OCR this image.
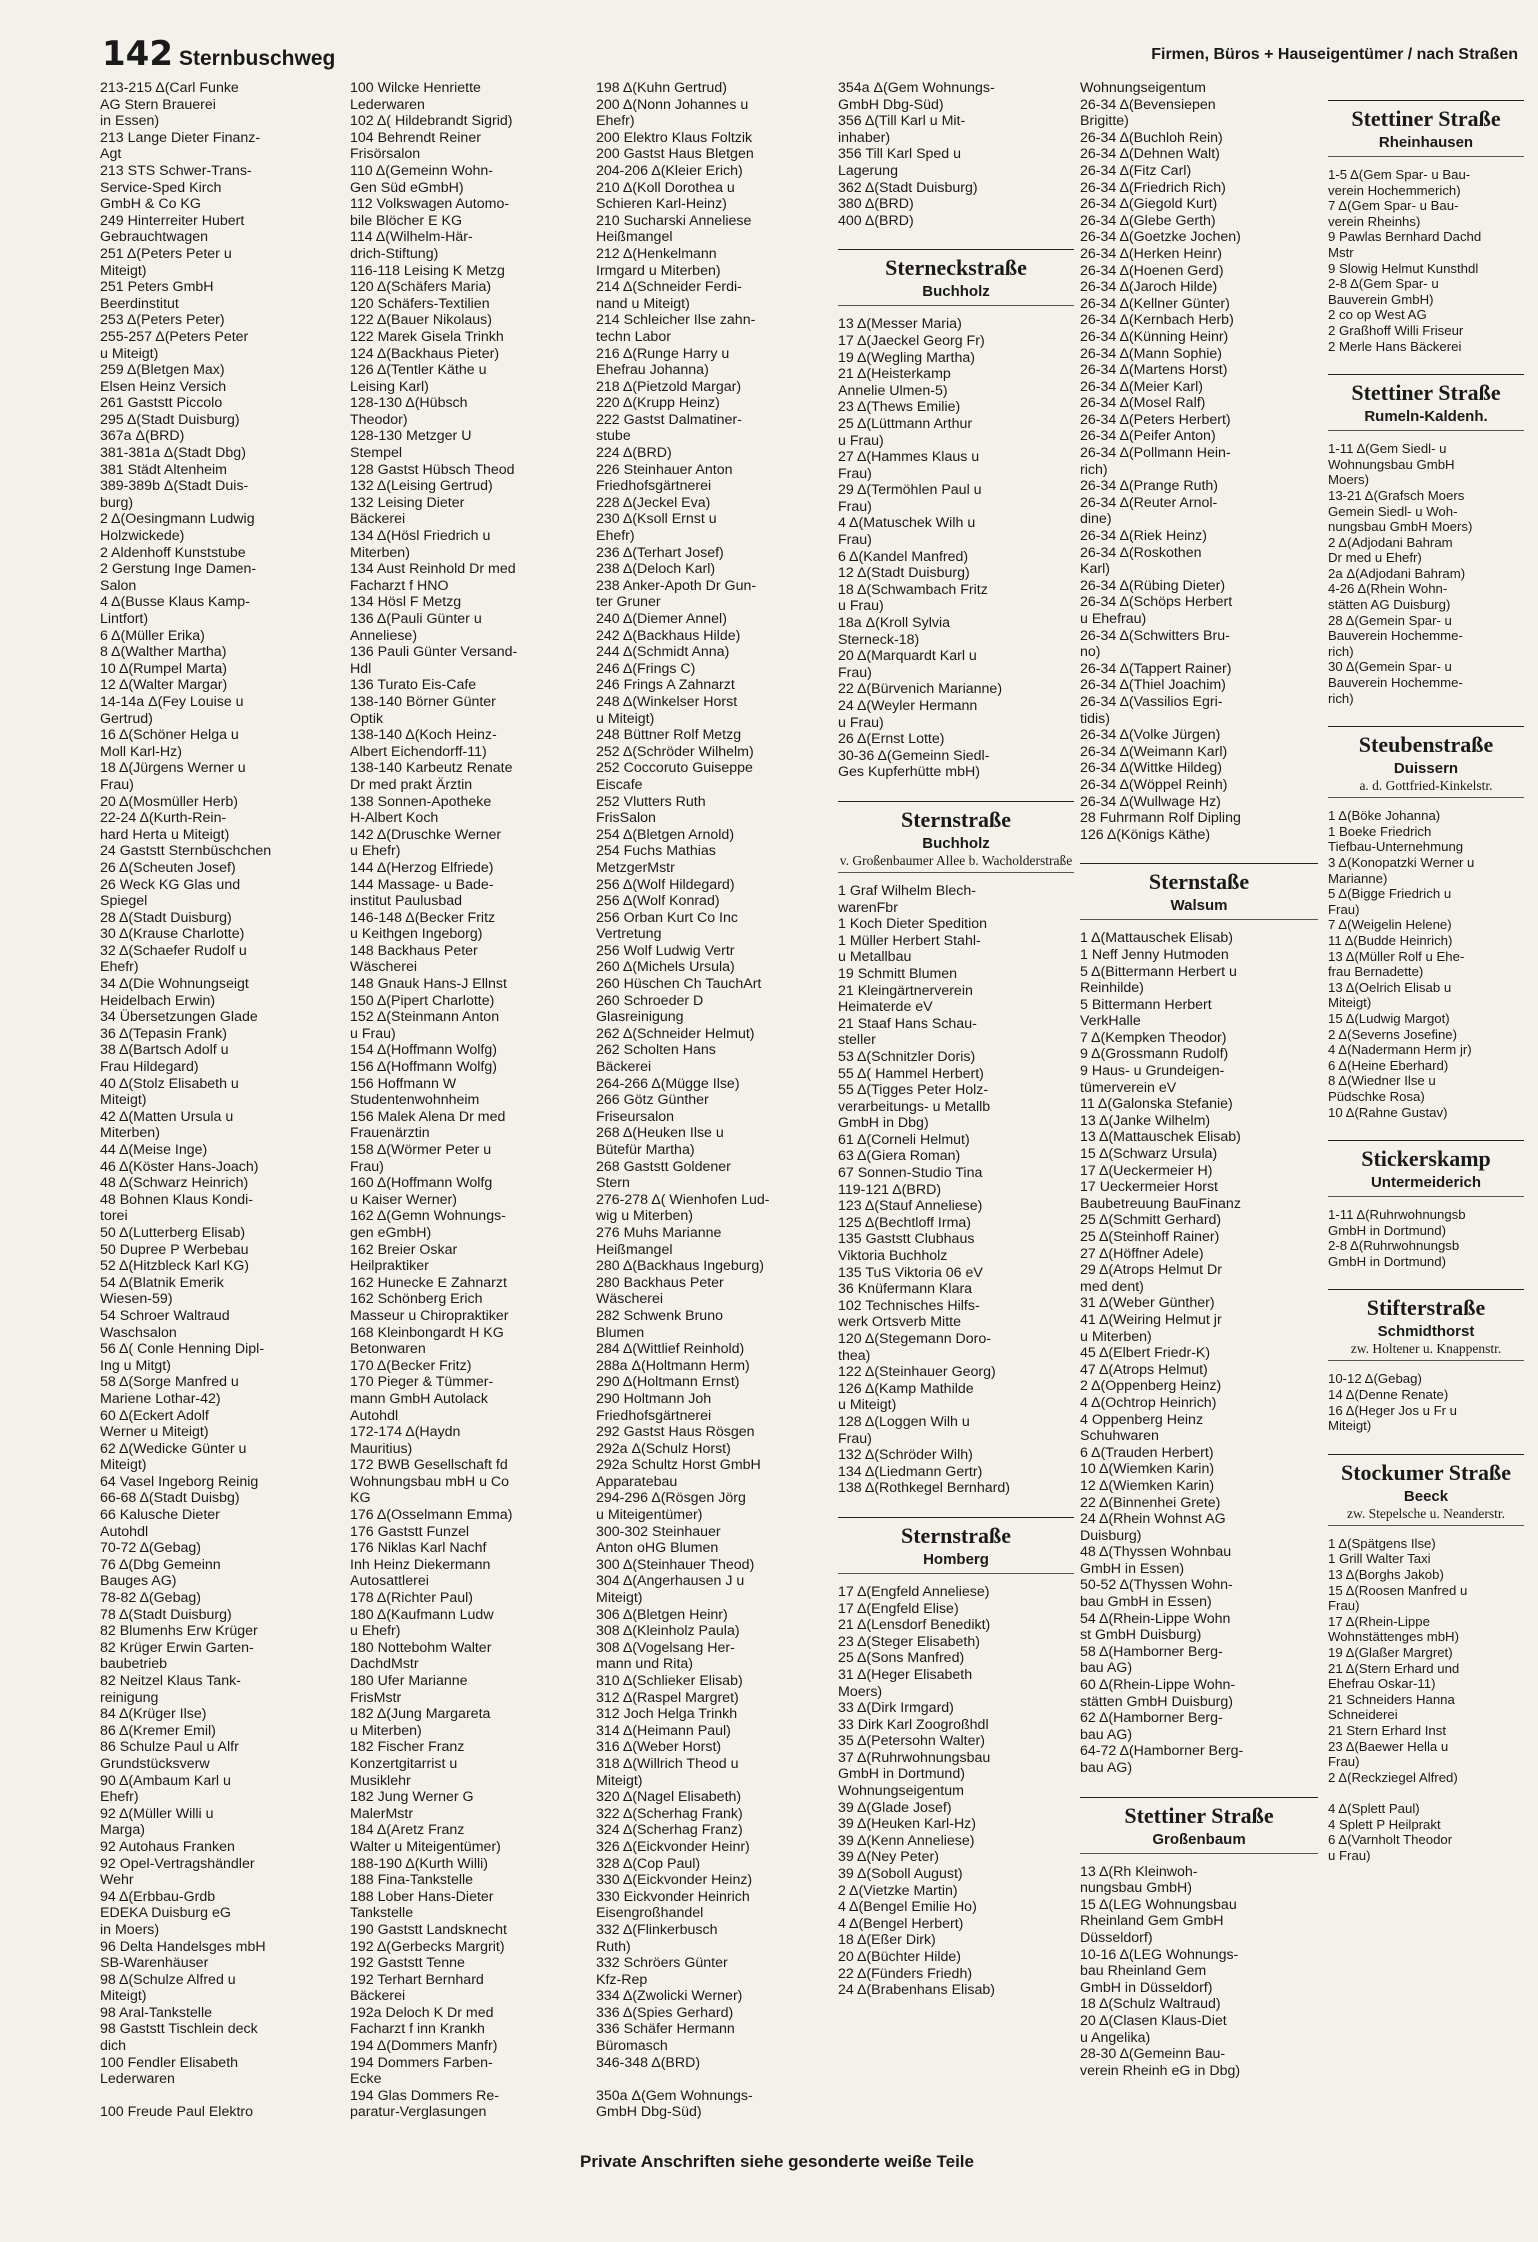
142 Sternbuschweg	Firmen, Büros + Hauseigentümer / nach Straßen
213-215 Δ(Carl Funke
AG Stern Brauerei
in Essen)
213 Lange Dieter Finanz-
Agt
213 STS Schwer-Trans-
Service-Sped Kirch
GmbH & Co KG
249 Hinterreiter Hubert
Gebrauchtwagen
251 Δ(Peters Peter u
Miteigt)
251 Peters GmbH
Beerdinstitut
253 Δ(Peters Peter)
255-257 Δ(Peters Peter
u Miteigt)
259 Δ(Bletgen Max)
Elsen Heinz Versich
261 Gaststt Piccolo
295 Δ(Stadt Duisburg)
367a Δ(BRD)
381-381a Δ(Stadt Dbg)
381 Städt Altenheim
389-389b Δ(Stadt Duis-
burg)
2 Δ(Oesingmann Ludwig
Holzwickede)
2 Aldenhoff Kunststube
2 Gerstung Inge Damen-
Salon
4 Δ(Busse Klaus Kamp-
Lintfort)
6 Δ(Müller Erika)
8 Δ(Walther Martha)
10 Δ(Rumpel Marta)
12 Δ(Walter Margar)
14-14a Δ(Fey Louise u
Gertrud)
16 Δ(Schöner Helga u
Moll Karl-Hz)
18 Δ(Jürgens Werner u
Frau)
20 Δ(Mosmüller Herb)
22-24 Δ(Kurth-Rein-
hard Herta u Miteigt)
24 Gaststt Sternbüschchen
26 Δ(Scheuten Josef)
26 Weck KG Glas und
Spiegel
28 Δ(Stadt Duisburg)
30 Δ(Krause Charlotte)
32 Δ(Schaefer Rudolf u
Ehefr)
34 Δ(Die Wohnungseigt
Heidelbach Erwin)
34 Übersetzungen Glade
36 Δ(Tepasin Frank)
38 Δ(Bartsch Adolf u
Frau Hildegard)
40 Δ(Stolz Elisabeth u
Miteigt)
42 Δ(Matten Ursula u
Miterben)
44 Δ(Meise Inge)
46 Δ(Köster Hans-Joach)
48 Δ(Schwarz Heinrich)
48 Bohnen Klaus Kondi-
torei
50 Δ(Lutterberg Elisab)
50 Dupree P Werbebau
52 Δ(Hitzbleck Karl KG)
54 Δ(Blatnik Emerik
Wiesen-59)
54 Schroer Waltraud
Waschsalon
56 Δ( Conle Henning Dipl-
Ing u Mitgt)
58 Δ(Sorge Manfred u
Mariene Lothar-42)
60 Δ(Eckert Adolf
Werner u Miteigt)
62 Δ(Wedicke Günter u
Miteigt)
64 Vasel Ingeborg Reinig
66-68 Δ(Stadt Duisbg)
66 Kalusche Dieter
Autohdl
70-72 Δ(Gebag)
76 Δ(Dbg Gemeinn
Bauges AG)
78-82 Δ(Gebag)
78 Δ(Stadt Duisburg)
82 Blumenhs Erw Krüger
82 Krüger Erwin Garten-
baubetrieb
82 Neitzel Klaus Tank-
reinigung
84 Δ(Krüger Ilse)
86 Δ(Kremer Emil)
86 Schulze Paul u Alfr
Grundstücksverw
90 Δ(Ambaum Karl u
Ehefr)
92 Δ(Müller Willi u
Marga)
92 Autohaus Franken
92 Opel-Vertragshändler
Wehr
94 Δ(Erbbau-Grdb
EDEKA Duisburg eG
in Moers)
96 Delta Handelsges mbH
SB-Warenhäuser
98 Δ(Schulze Alfred u
Miteigt)
98 Aral-Tankstelle
98 Gaststt Tischlein deck
dich
100 Fendler Elisabeth
Lederwaren

100 Freude Paul Elektro
100 Wilcke Henriette
Lederwaren
102 Δ( Hildebrandt Sigrid)
104 Behrendt Reiner
Frisörsalon
110 Δ(Gemeinn Wohn-
Gen Süd eGmbH)
112 Volkswagen Automo-
bile Blöcher E KG
114 Δ(Wilhelm-Här-
drich-Stiftung)
116-118 Leising K Metzg
120 Δ(Schäfers Maria)
120 Schäfers-Textilien
122 Δ(Bauer Nikolaus)
122 Marek Gisela Trinkh
124 Δ(Backhaus Pieter)
126 Δ(Tentler Käthe u
Leising Karl)
128-130 Δ(Hübsch
Theodor)
128-130 Metzger U
Stempel
128 Gastst Hübsch Theod
132 Δ(Leising Gertrud)
132 Leising Dieter
Bäckerei
134 Δ(Hösl Friedrich u
Miterben)
134 Aust Reinhold Dr med
Facharzt f HNO
134 Hösl F Metzg
136 Δ(Pauli Günter u
Anneliese)
136 Pauli Günter Versand-
Hdl
136 Turato Eis-Cafe
138-140 Börner Günter
Optik
138-140 Δ(Koch Heinz-
Albert Eichendorff-11)
138-140 Karbeutz Renate
Dr med prakt Ärztin
138 Sonnen-Apotheke
H-Albert Koch
142 Δ(Druschke Werner
u Ehefr)
144 Δ(Herzog Elfriede)
144 Massage- u Bade-
institut Paulusbad
146-148 Δ(Becker Fritz
u Keithgen Ingeborg)
148 Backhaus Peter
Wäscherei
148 Gnauk Hans-J Ellnst
150 Δ(Pipert Charlotte)
152 Δ(Steinmann Anton
u Frau)
154 Δ(Hoffmann Wolfg)
156 Δ(Hoffmann Wolfg)
156 Hoffmann W
Studentenwohnheim
156 Malek Alena Dr med
Frauenärztin
158 Δ(Wörmer Peter u
Frau)
160 Δ(Hoffmann Wolfg
u Kaiser Werner)
162 Δ(Gemn Wohnungs-
gen eGmbH)
162 Breier Oskar
Heilpraktiker
162 Hunecke E Zahnarzt
162 Schönberg Erich
Masseur u Chiropraktiker
168 Kleinbongardt H KG
Betonwaren
170 Δ(Becker Fritz)
170 Pieger & Tümmer-
mann GmbH Autolack
Autohdl
172-174 Δ(Haydn
Mauritius)
172 BWB Gesellschaft fd
Wohnungsbau mbH u Co
KG
176 Δ(Osselmann Emma)
176 Gaststt Funzel
176 Niklas Karl Nachf
Inh Heinz Diekermann
Autosattlerei
178 Δ(Richter Paul)
180 Δ(Kaufmann Ludw
u Ehefr)
180 Nottebohm Walter
DachdMstr
180 Ufer Marianne
FrisMstr
182 Δ(Jung Margareta
u Miterben)
182 Fischer Franz
Konzertgitarrist u
Musiklehr
182 Jung Werner G
MalerMstr
184 Δ(Aretz Franz
Walter u Miteigentümer)
188-190 Δ(Kurth Willi)
188 Fina-Tankstelle
188 Lober Hans-Dieter
Tankstelle
190 Gaststt Landsknecht
192 Δ(Gerbecks Margrit)
192 Gaststt Tenne
192 Terhart Bernhard
Bäckerei
192a Deloch K Dr med
Facharzt f inn Krankh
194 Δ(Dommers Manfr)
194 Dommers Farben-
Ecke
194 Glas Dommers Re-
paratur-Verglasungen
198 Δ(Kuhn Gertrud)
200 Δ(Nonn Johannes u
Ehefr)
200 Elektro Klaus Foltzik
200 Gastst Haus Bletgen
204-206 Δ(Kleier Erich)
210 Δ(Koll Dorothea u
Schieren Karl-Heinz)
210 Sucharski Anneliese
Heißmangel
212 Δ(Henkelmann
Irmgard u Miterben)
214 Δ(Schneider Ferdi-
nand u Miteigt)
214 Schleicher Ilse zahn-
techn Labor
216 Δ(Runge Harry u
Ehefrau Johanna)
218 Δ(Pietzold Margar)
220 Δ(Krupp Heinz)
222 Gastst Dalmatiner-
stube
224 Δ(BRD)
226 Steinhauer Anton
Friedhofsgärtnerei
228 Δ(Jeckel Eva)
230 Δ(Ksoll Ernst u
Ehefr)
236 Δ(Terhart Josef)
238 Δ(Deloch Karl)
238 Anker-Apoth Dr Gun-
ter Gruner
240 Δ(Diemer Annel)
242 Δ(Backhaus Hilde)
244 Δ(Schmidt Anna)
246 Δ(Frings C)
246 Frings A Zahnarzt
248 Δ(Winkelser Horst
u Miteigt)
248 Büttner Rolf Metzg
252 Δ(Schröder Wilhelm)
252 Coccoruto Guiseppe
Eiscafe
252 Vlutters Ruth
FrisSalon
254 Δ(Bletgen Arnold)
254 Fuchs Mathias
MetzgerMstr
256 Δ(Wolf Hildegard)
256 Δ(Wolf Konrad)
256 Orban Kurt Co Inc
Vertretung
256 Wolf Ludwig Vertr
260 Δ(Michels Ursula)
260 Hüschen Ch TauchArt
260 Schroeder D
Glasreinigung
262 Δ(Schneider Helmut)
262 Scholten Hans
Bäckerei
264-266 Δ(Mügge Ilse)
266 Götz Günther
Friseursalon
268 Δ(Heuken Ilse u
Bütefür Martha)
268 Gaststt Goldener
Stern
276-278 Δ( Wienhofen Lud-
wig u Miterben)
276 Muhs Marianne
Heißmangel
280 Δ(Backhaus Ingeburg)
280 Backhaus Peter
Wäscherei
282 Schwenk Bruno
Blumen
284 Δ(Wittlief Reinhold)
288a Δ(Holtmann Herm)
290 Δ(Holtmann Ernst)
290 Holtmann Joh
Friedhofsgärtnerei
292 Gastst Haus Rösgen
292a Δ(Schulz Horst)
292a Schultz Horst GmbH
Apparatebau
294-296 Δ(Rösgen Jörg
u Miteigentümer)
300-302 Steinhauer
Anton oHG Blumen
300 Δ(Steinhauer Theod)
304 Δ(Angerhausen J u
Miteigt)
306 Δ(Bletgen Heinr)
308 Δ(Kleinholz Paula)
308 Δ(Vogelsang Her-
mann und Rita)
310 Δ(Schlieker Elisab)
312 Δ(Raspel Margret)
312 Joch Helga Trinkh
314 Δ(Heimann Paul)
316 Δ(Weber Horst)
318 Δ(Willrich Theod u
Miteigt)
320 Δ(Nagel Elisabeth)
322 Δ(Scherhag Frank)
324 Δ(Scherhag Franz)
326 Δ(Eickvonder Heinr)
328 Δ(Cop Paul)
330 Δ(Eickvonder Heinz)
330 Eickvonder Heinrich
Eisengroßhandel
332 Δ(Flinkerbusch
Ruth)
332 Schröers Günter
Kfz-Rep
334 Δ(Zwolicki Werner)
336 Δ(Spies Gerhard)
336 Schäfer Hermann
Büromasch
346-348 Δ(BRD)

350a Δ(Gem Wohnungs-
GmbH Dbg-Süd)
354a Δ(Gem Wohnungs-
GmbH Dbg-Süd)
356 Δ(Till Karl u Mit-
inhaber)
356 Till Karl Sped u
Lagerung
362 Δ(Stadt Duisburg)
380 Δ(BRD)
400 Δ(BRD)
Sterneckstraße
Buchholz
13 Δ(Messer Maria)
17 Δ(Jaeckel Georg Fr)
19 Δ(Wegling Martha)
21 Δ(Heisterkamp
Annelie Ulmen-5)
23 Δ(Thews Emilie)
25 Δ(Lüttmann Arthur
u Frau)
27 Δ(Hammes Klaus u
Frau)
29 Δ(Termöhlen Paul u
Frau)
4 Δ(Matuschek Wilh u
Frau)
6 Δ(Kandel Manfred)
12 Δ(Stadt Duisburg)
18 Δ(Schwambach Fritz
u Frau)
18a Δ(Kroll Sylvia
Sterneck-18)
20 Δ(Marquardt Karl u
Frau)
22 Δ(Bürvenich Marianne)
24 Δ(Weyler Hermann
u Frau)
26 Δ(Ernst Lotte)
30-36 Δ(Gemeinn Siedl-
Ges Kupferhütte mbH)
Sternstraße
Buchholz
v. Großenbaumer Allee b. Wacholderstraße
1 Graf Wilhelm Blech-
warenFbr
1 Koch Dieter Spedition
1 Müller Herbert Stahl-
u Metallbau
19 Schmitt Blumen
21 Kleingärtnerverein
Heimaterde eV
21 Staaf Hans Schau-
steller
53 Δ(Schnitzler Doris)
55 Δ( Hammel Herbert)
55 Δ(Tigges Peter Holz-
verarbeitungs- u Metallb
GmbH in Dbg)
61 Δ(Corneli Helmut)
63 Δ(Giera Roman)
67 Sonnen-Studio Tina
119-121 Δ(BRD)
123 Δ(Stauf Anneliese)
125 Δ(Bechtloff Irma)
135 Gaststt Clubhaus
Viktoria Buchholz
135 TuS Viktoria 06 eV
36 Knüfermann Klara
102 Technisches Hilfs-
werk Ortsverb Mitte
120 Δ(Stegemann Doro-
thea)
122 Δ(Steinhauer Georg)
126 Δ(Kamp Mathilde
u Miteigt)
128 Δ(Loggen Wilh u
Frau)
132 Δ(Schröder Wilh)
134 Δ(Liedmann Gertr)
138 Δ(Rothkegel Bernhard)
Sternstraße
Homberg
17 Δ(Engfeld Anneliese)
17 Δ(Engfeld Elise)
21 Δ(Lensdorf Benedikt)
23 Δ(Steger Elisabeth)
25 Δ(Sons Manfred)
31 Δ(Heger Elisabeth
Moers)
33 Δ(Dirk Irmgard)
33 Dirk Karl Zoogroßhdl
35 Δ(Petersohn Walter)
37 Δ(Ruhrwohnungsbau
GmbH in Dortmund)
Wohnungseigentum
39 Δ(Glade Josef)
39 Δ(Heuken Karl-Hz)
39 Δ(Kenn Anneliese)
39 Δ(Ney Peter)
39 Δ(Soboll August)
2 Δ(Vietzke Martin)
4 Δ(Bengel Emilie Ho)
4 Δ(Bengel Herbert)
18 Δ(Eßer Dirk)
20 Δ(Büchter Hilde)
22 Δ(Fünders Friedh)
24 Δ(Brabenhans Elisab)
Wohnungseigentum
26-34 Δ(Bevensiepen
Brigitte)
26-34 Δ(Buchloh Rein)
26-34 Δ(Dehnen Walt)
26-34 Δ(Fitz Carl)
26-34 Δ(Friedrich Rich)
26-34 Δ(Giegold Kurt)
26-34 Δ(Glebe Gerth)
26-34 Δ(Goetzke Jochen)
26-34 Δ(Herken Heinr)
26-34 Δ(Hoenen Gerd)
26-34 Δ(Jaroch Hilde)
26-34 Δ(Kellner Günter)
26-34 Δ(Kernbach Herb)
26-34 Δ(Künning Heinr)
26-34 Δ(Mann Sophie)
26-34 Δ(Martens Horst)
26-34 Δ(Meier Karl)
26-34 Δ(Mosel Ralf)
26-34 Δ(Peters Herbert)
26-34 Δ(Peifer Anton)
26-34 Δ(Pollmann Hein-
rich)
26-34 Δ(Prange Ruth)
26-34 Δ(Reuter Arnol-
dine)
26-34 Δ(Riek Heinz)
26-34 Δ(Roskothen
Karl)
26-34 Δ(Rübing Dieter)
26-34 Δ(Schöps Herbert
u Ehefrau)
26-34 Δ(Schwitters Bru-
no)
26-34 Δ(Tappert Rainer)
26-34 Δ(Thiel Joachim)
26-34 Δ(Vassilios Egri-
tidis)
26-34 Δ(Volke Jürgen)
26-34 Δ(Weimann Karl)
26-34 Δ(Wittke Hildeg)
26-34 Δ(Wöppel Reinh)
26-34 Δ(Wullwage Hz)
28 Fuhrmann Rolf Dipling
126 Δ(Königs Käthe)
Sternstaße
Walsum
1 Δ(Mattauschek Elisab)
1 Neff Jenny Hutmoden
5 Δ(Bittermann Herbert u
Reinhilde)
5 Bittermann Herbert
VerkHalle
7 Δ(Kempken Theodor)
9 Δ(Grossmann Rudolf)
9 Haus- u Grundeigen-
tümerverein eV
11 Δ(Galonska Stefanie)
13 Δ(Janke Wilhelm)
13 Δ(Mattauschek Elisab)
15 Δ(Schwarz Ursula)
17 Δ(Ueckermeier H)
17 Ueckermeier Horst
Baubetreuung BauFinanz
25 Δ(Schmitt Gerhard)
25 Δ(Steinhoff Rainer)
27 Δ(Höffner Adele)
29 Δ(Atrops Helmut Dr
med dent)
31 Δ(Weber Günther)
41 Δ(Weiring Helmut jr
u Miterben)
45 Δ(Elbert Friedr-K)
47 Δ(Atrops Helmut)
2 Δ(Oppenberg Heinz)
4 Δ(Ochtrop Heinrich)
4 Oppenberg Heinz
Schuhwaren
6 Δ(Trauden Herbert)
10 Δ(Wiemken Karin)
12 Δ(Wiemken Karin)
22 Δ(Binnenhei Grete)
24 Δ(Rhein Wohnst AG
Duisburg)
48 Δ(Thyssen Wohnbau
GmbH in Essen)
50-52 Δ(Thyssen Wohn-
bau GmbH in Essen)
54 Δ(Rhein-Lippe Wohn
st GmbH Duisburg)
58 Δ(Hamborner Berg-
bau AG)
60 Δ(Rhein-Lippe Wohn-
stätten GmbH Duisburg)
62 Δ(Hamborner Berg-
bau AG)
64-72 Δ(Hamborner Berg-
bau AG)
Stettiner Straße
Großenbaum
13 Δ(Rh Kleinwoh-
nungsbau GmbH)
15 Δ(LEG Wohnungsbau
Rheinland Gem GmbH
Düsseldorf)
10-16 Δ(LEG Wohnungs-
bau Rheinland Gem
GmbH in Düsseldorf)
18 Δ(Schulz Waltraud)
20 Δ(Clasen Klaus-Diet
u Angelika)
28-30 Δ(Gemeinn Bau-
verein Rheinh eG in Dbg)
Stettiner Straße
Rheinhausen
1-5 Δ(Gem Spar- u Bau-
verein Hochemmerich)
7 Δ(Gem Spar- u Bau-
verein Rheinhs)
9 Pawlas Bernhard Dachd
Mstr
9 Slowig Helmut Kunsthdl
2-8 Δ(Gem Spar- u
Bauverein GmbH)
2 co op West AG
2 Graßhoff Willi Friseur
2 Merle Hans Bäckerei
Stettiner Straße
Rumeln-Kaldenh.
1-11 Δ(Gem Siedl- u
Wohnungsbau GmbH
Moers)
13-21 Δ(Grafsch Moers
Gemein Siedl- u Woh-
nungsbau GmbH Moers)
2 Δ(Adjodani Bahram
Dr med u Ehefr)
2a Δ(Adjodani Bahram)
4-26 Δ(Rhein Wohn-
stätten AG Duisburg)
28 Δ(Gemein Spar- u
Bauverein Hochemme-
rich)
30 Δ(Gemein Spar- u
Bauverein Hochemme-
rich)
Steubenstraße
Duissern
a. d. Gottfried-Kinkelstr.
1 Δ(Böke Johanna)
1 Boeke Friedrich
Tiefbau-Unternehmung
3 Δ(Konopatzki Werner u
Marianne)
5 Δ(Bigge Friedrich u
Frau)
7 Δ(Weigelin Helene)
11 Δ(Budde Heinrich)
13 Δ(Müller Rolf u Ehe-
frau Bernadette)
13 Δ(Oelrich Elisab u
Miteigt)
15 Δ(Ludwig Margot)
2 Δ(Severns Josefine)
4 Δ(Nadermann Herm jr)
6 Δ(Heine Eberhard)
8 Δ(Wiedner Ilse u
Püdschke Rosa)
10 Δ(Rahne Gustav)
Stickerskamp
Untermeiderich
1-11 Δ(Ruhrwohnungsb
GmbH in Dortmund)
2-8 Δ(Ruhrwohnungsb
GmbH in Dortmund)
Stifterstraße
Schmidthorst
zw. Holtener u. Knappenstr.
10-12 Δ(Gebag)
14 Δ(Denne Renate)
16 Δ(Heger Jos u Fr u
Miteigt)
Stockumer Straße
Beeck
zw. Stepelsche u. Neanderstr.
1 Δ(Spätgens Ilse)
1 Grill Walter Taxi
13 Δ(Borghs Jakob)
15 Δ(Roosen Manfred u
Frau)
17 Δ(Rhein-Lippe
Wohnstättenges mbH)
19 Δ(Glaßer Margret)
21 Δ(Stern Erhard und
Ehefrau Oskar-11)
21 Schneiders Hanna
Schneiderei
21 Stern Erhard Inst
23 Δ(Baewer Hella u
Frau)
2 Δ(Reckziegel Alfred)

4 Δ(Splett Paul)
4 Splett P Heilprakt
6 Δ(Varnholt Theodor
u Frau)
Private Anschriften siehe gesonderte weiße Teile
